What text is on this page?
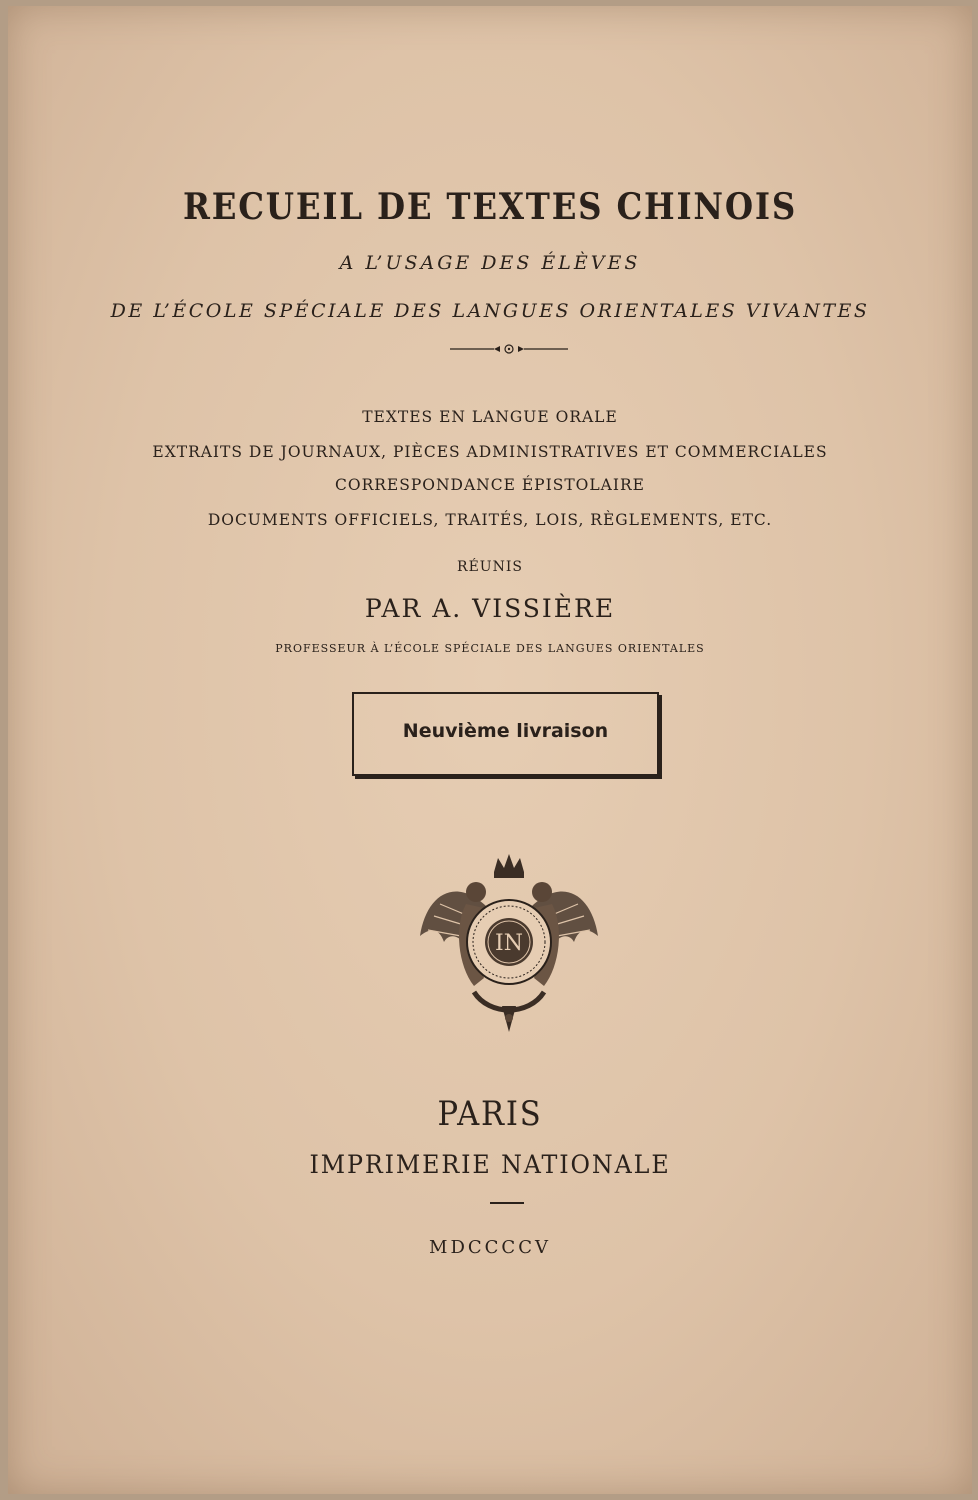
RECUEIL DE TEXTES CHINOIS
A L’USAGE DES ÉLÈVES
DE L’ÉCOLE SPÉCIALE DES LANGUES ORIENTALES VIVANTES
TEXTES EN LANGUE ORALE
EXTRAITS DE JOURNAUX, PIÈCES ADMINISTRATIVES ET COMMERCIALES
CORRESPONDANCE ÉPISTOLAIRE
DOCUMENTS OFFICIELS, TRAITÉS, LOIS, RÈGLEMENTS, ETC.
RÉUNIS
PAR A. VISSIÈRE
PROFESSEUR À L’ÉCOLE SPÉCIALE DES LANGUES ORIENTALES
Neuvième livraison
IN
PARIS
IMPRIMERIE NATIONALE
MDCCCCV
